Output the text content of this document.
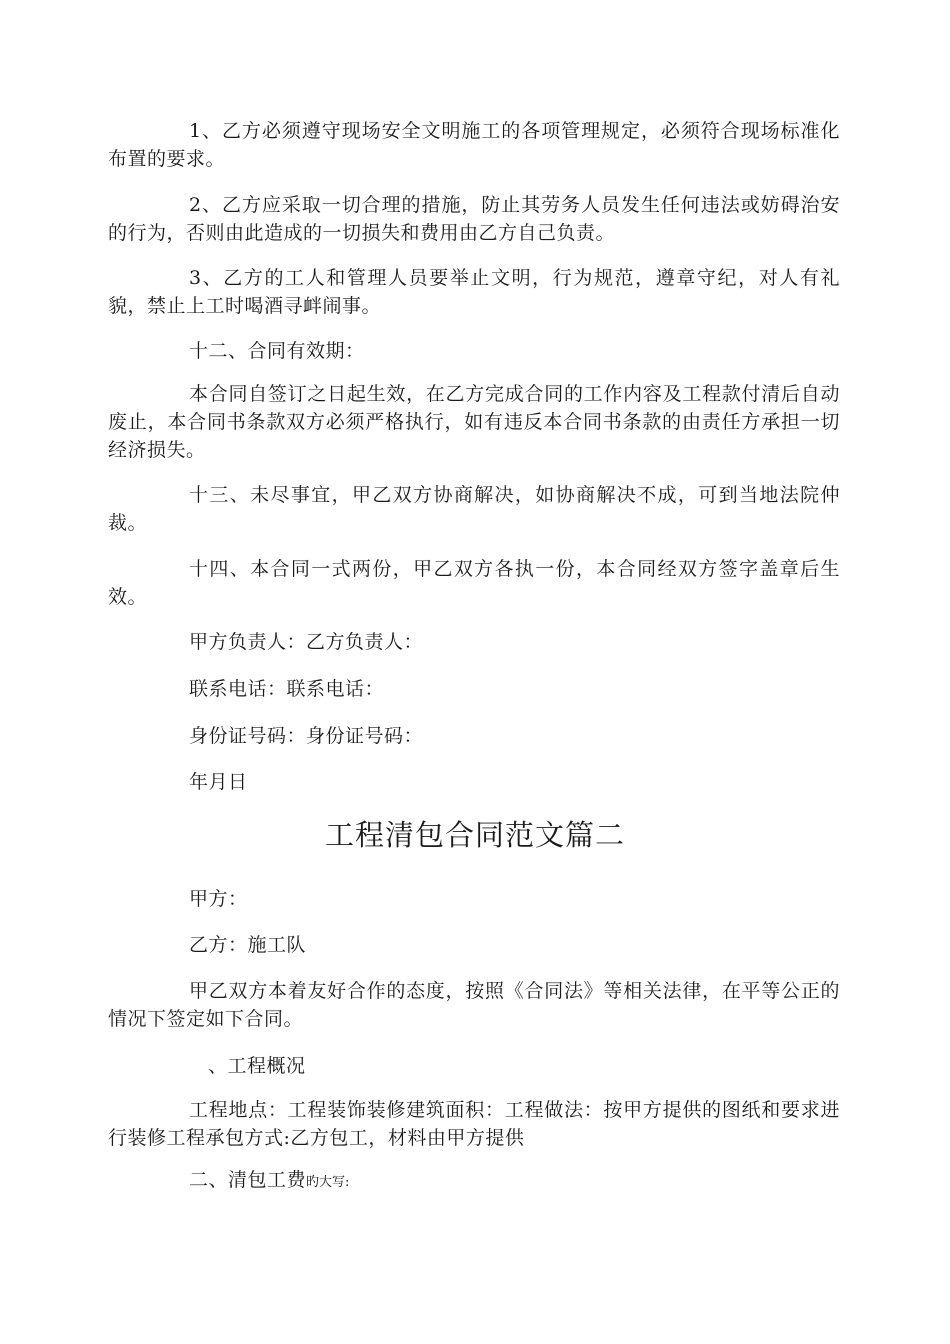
1、乙方必须遵守现场安全文明施工的各项管理规定，必须符合现场标准化布置的要求。

2、乙方应采取一切合理的措施，防止其劳务人员发生任何违法或妨碍治安的行为，否则由此造成的一切损失和费用由乙方自己负责。

3、乙方的工人和管理人员要举止文明，行为规范，遵章守纪，对人有礼貌，禁止上工时喝酒寻衅闹事。

十二、合同有效期：

本合同自签订之日起生效，在乙方完成合同的工作内容及工程款付清后自动废止，本合同书条款双方必须严格执行，如有违反本合同书条款的由责任方承担一切经济损失。

十三、未尽事宜，甲乙双方协商解决，如协商解决不成，可到当地法院仲裁。

十四、本合同一式两份，甲乙双方各执一份，本合同经双方签字盖章后生效。

甲方负责人：乙方负责人：

联系电话：联系电话：

身份证号码：身份证号码：

年月日

工程清包合同范文篇二

甲方：

乙方：施工队

甲乙双方本着友好合作的态度，按照《合同法》等相关法律，在平等公正的情况下签定如下合同。

、工程概况

工程地点：工程装饰装修建筑面积：工程做法：按甲方提供的图纸和要求进行装修工程承包方式:乙方包工，材料由甲方提供

二、清包工费旳大写:
